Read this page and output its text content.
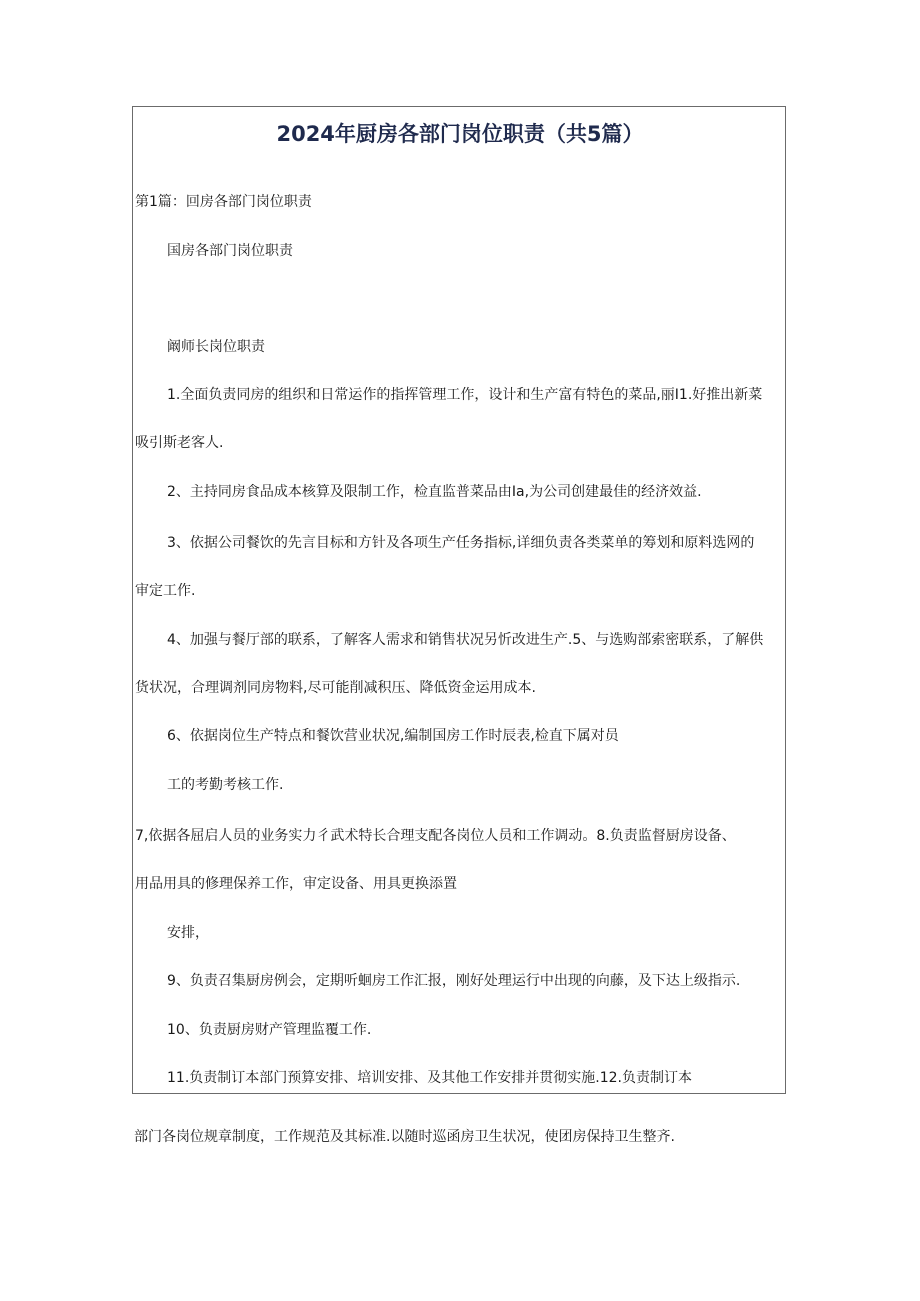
2024年厨房各部门岗位职责（共5篇）
第1篇：回房各部门岗位职责
国房各部门岗位职责
阚师长岗位职责
1.全面负责同房的组织和日常运作的指挥管理工作，设计和生产富有特色的菜品,丽I1.好推出新菜
吸引斯老客人.
2、主持同房食品成本核算及限制工作，检直监普菜品由Ia,为公司创建最佳的经济效益.
3、依据公司餐饮的先言目标和方针及各项生产任务指标,详细负责各类菜单的筹划和原料选网的
审定工作.
4、加强与餐厅部的联系，了解客人需求和销售状况另忻改进生产.5、与选购部索密联系，了解供
货状况，合理调剂同房物料,尽可能削减积压、降低资金运用成本.
6、依据岗位生产特点和餐饮营业状况,编制国房工作时辰表,检直下属对员
工的考勤考核工作.
7,依据各屈启人员的业务实力彳武术特长合理支配各岗位人员和工作调动。8.负责监督厨房设备、
用品用具的修理保养工作，审定设备、用具更换添置
安排，
9、负责召集厨房例会，定期听蛔房工作汇报，刚好处理运行中出现的向藤，及下达上级指示.
10、负责厨房财产管理监覆工作.
11.负责制订本部门预算安排、培训安排、及其他工作安排并贯彻实施.12.负责制订本
部门各岗位规章制度，工作规范及其标准.以随时巡函房卫生状况，使团房保持卫生整齐.
